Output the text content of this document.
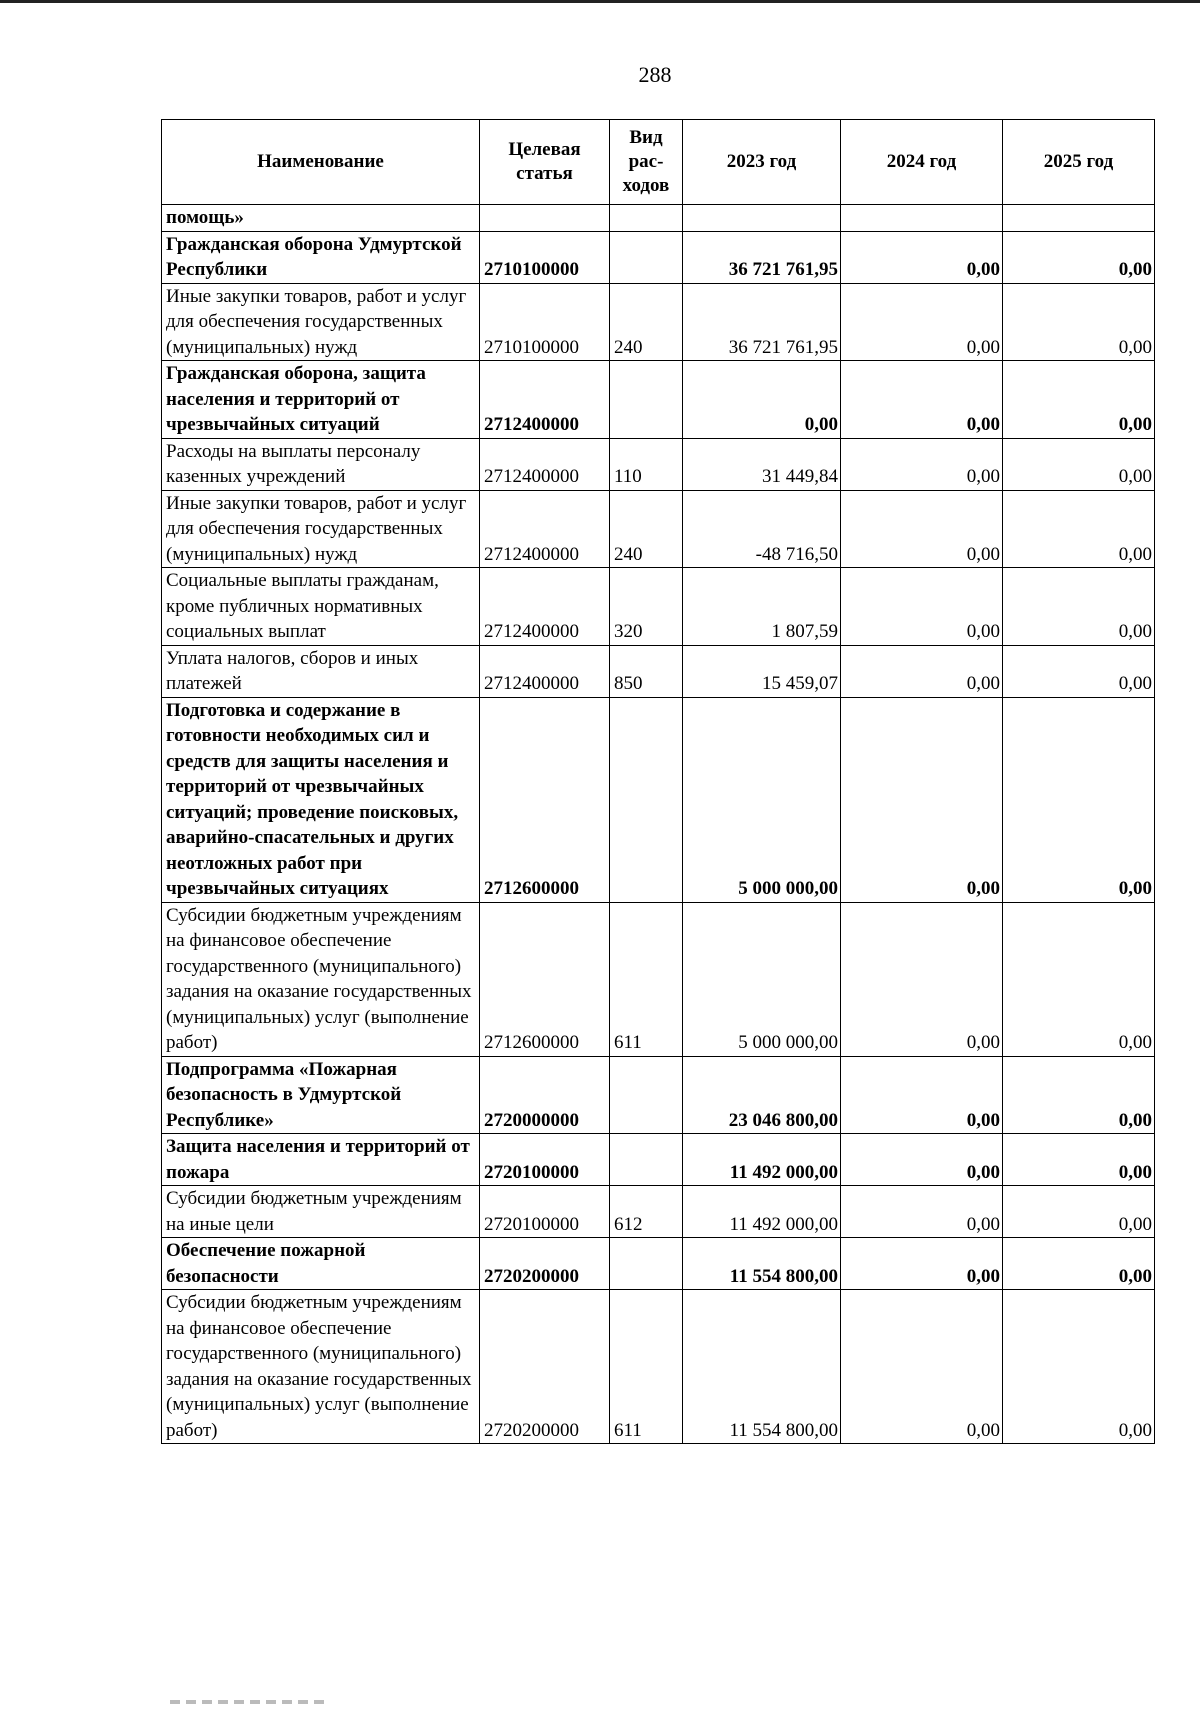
288
Наименование	Целевая статья	Вид рас- ходов	2023 год	2024 год	2025 год
помощь»					
Гражданская оборона Удмуртской Республики	2710100000		36 721 761,95	0,00	0,00
Иные закупки товаров, работ и услуг для обеспечения государственных (муниципальных) нужд	2710100000	240	36 721 761,95	0,00	0,00
Гражданская оборона, защита населения и территорий от чрезвычайных ситуаций	2712400000		0,00	0,00	0,00
Расходы на выплаты персоналу казенных учреждений	2712400000	110	31 449,84	0,00	0,00
Иные закупки товаров, работ и услуг для обеспечения государственных (муниципальных) нужд	2712400000	240	-48 716,50	0,00	0,00
Социальные выплаты гражданам, кроме публичных нормативных социальных выплат	2712400000	320	1 807,59	0,00	0,00
Уплата налогов, сборов и иных платежей	2712400000	850	15 459,07	0,00	0,00
Подготовка и содержание в готовности необходимых сил и средств для защиты населения и территорий от чрезвычайных ситуаций; проведение поисковых, аварийно-спасательных и других неотложных работ при чрезвычайных ситуациях	2712600000		5 000 000,00	0,00	0,00
Субсидии бюджетным учреждениям на финансовое обеспечение государственного (муниципального) задания на оказание государственных (муниципальных) услуг (выполнение работ)	2712600000	611	5 000 000,00	0,00	0,00
Подпрограмма «Пожарная безопасность в Удмуртской Республике»	2720000000		23 046 800,00	0,00	0,00
Защита населения и территорий от пожара	2720100000		11 492 000,00	0,00	0,00
Субсидии бюджетным учреждениям на иные цели	2720100000	612	11 492 000,00	0,00	0,00
Обеспечение пожарной безопасности	2720200000		11 554 800,00	0,00	0,00
Субсидии бюджетным учреждениям на финансовое обеспечение государственного (муниципального) задания на оказание государственных (муниципальных) услуг (выполнение работ)	2720200000	611	11 554 800,00	0,00	0,00
